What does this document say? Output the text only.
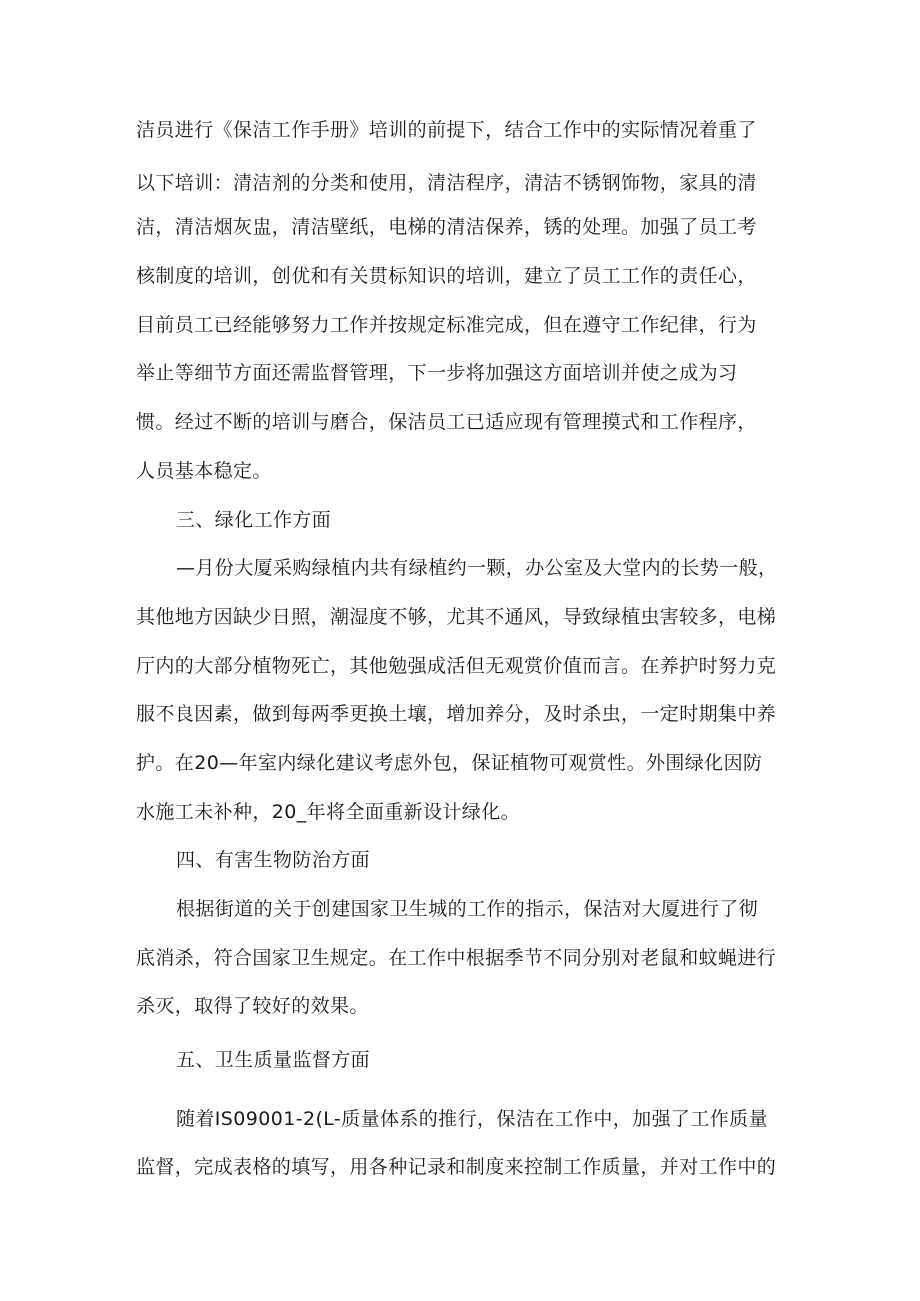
洁员进行《保洁工作手册》培训的前提下，结合工作中的实际情况着重了
以下培训：清洁剂的分类和使用，清洁程序，清洁不锈钢饰物，家具的清
洁，清洁烟灰盅，清洁壁纸，电梯的清洁保养，锈的处理。加强了员工考
核制度的培训，创优和有关贯标知识的培训，建立了员工工作的责任心，
目前员工已经能够努力工作并按规定标准完成，但在遵守工作纪律，行为
举止等细节方面还需监督管理，下一步将加强这方面培训并使之成为习
惯。经过不断的培训与磨合，保洁员工已适应现有管理摸式和工作程序，
人员基本稳定。
三、绿化工作方面
—月份大厦采购绿植内共有绿植约一颗，办公室及大堂内的长势一般，
其他地方因缺少日照，潮湿度不够，尤其不通风，导致绿植虫害较多，电梯
厅内的大部分植物死亡，其他勉强成活但无观赏价值而言。在养护时努力克
服不良因素，做到每两季更换土壤，增加养分，及时杀虫，一定时期集中养
护。在20—年室内绿化建议考虑外包，保证植物可观赏性。外围绿化因防
水施工未补种，20_年将全面重新设计绿化。
四、有害生物防治方面
根据街道的关于创建国家卫生城的工作的指示，保洁对大厦进行了彻
底消杀，符合国家卫生规定。在工作中根据季节不同分别对老鼠和蚊蝇进行
杀灭，取得了较好的效果。
五、卫生质量监督方面
随着IS09001-2(L-质量体系的推行，保洁在工作中，加强了工作质量
监督，完成表格的填写，用各种记录和制度来控制工作质量，并对工作中的
